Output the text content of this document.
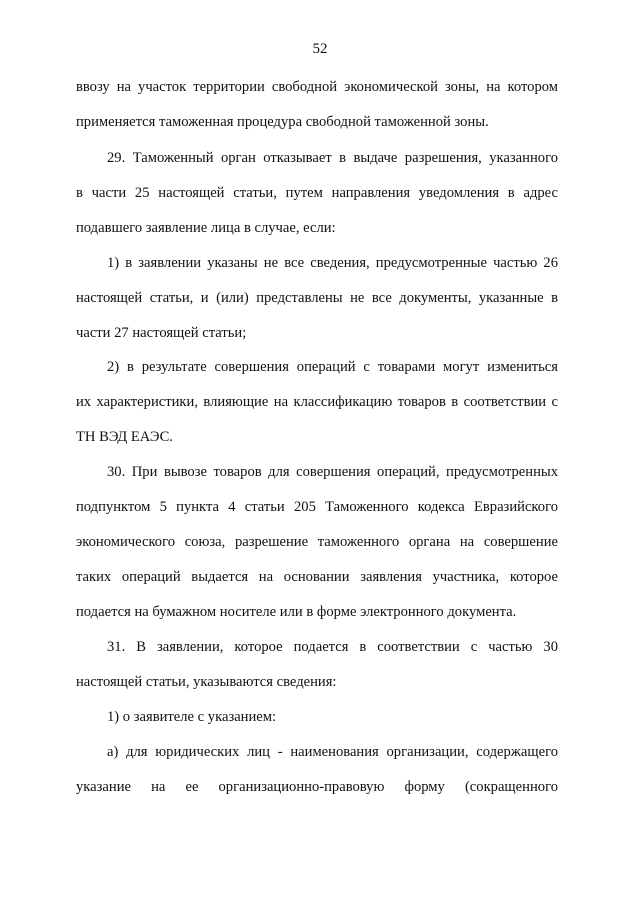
52
ввозу на участок территории свободной экономической зоны, на котором
применяется таможенная процедура свободной таможенной зоны.
29. Таможенный орган отказывает в выдаче разрешения, указанного
в части 25 настоящей статьи, путем направления уведомления в адрес
подавшего заявление лица в случае, если:
1) в заявлении указаны не все сведения, предусмотренные частью 26
настоящей статьи, и (или) представлены не все документы, указанные в
части 27 настоящей статьи;
2) в результате совершения операций с товарами могут измениться
их характеристики, влияющие на классификацию товаров в соответствии с
ТН ВЭД ЕАЭС.
30. При вывозе товаров для совершения операций, предусмотренных
подпунктом 5 пункта 4 статьи 205 Таможенного кодекса Евразийского
экономического союза, разрешение таможенного органа на совершение
таких операций выдается на основании заявления участника, которое
подается на бумажном носителе или в форме электронного документа.
31. В заявлении, которое подается в соответствии с частью 30
настоящей статьи, указываются сведения:
1) о заявителе с указанием:
а) для юридических лиц - наименования организации, содержащего
указание на ее организационно-правовую форму (сокращенного
